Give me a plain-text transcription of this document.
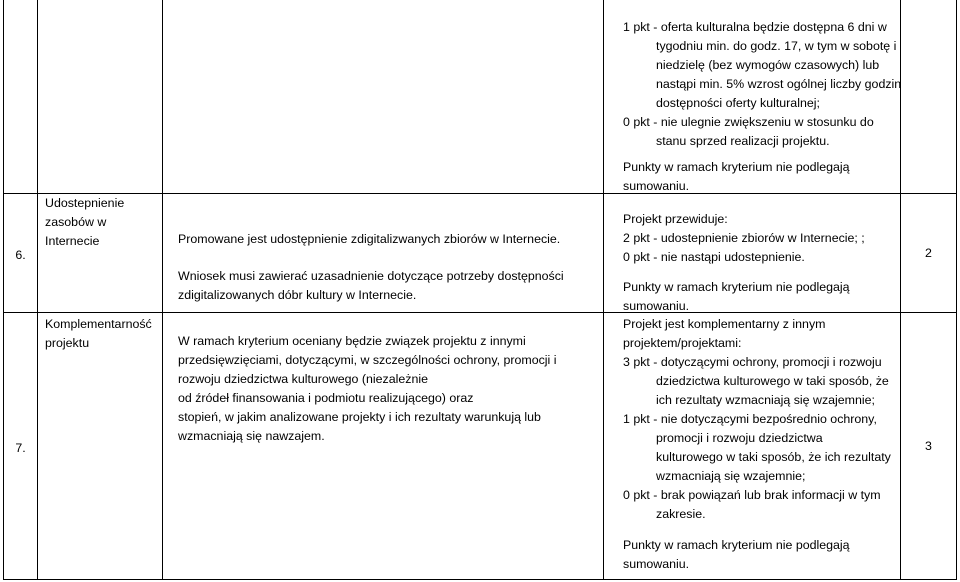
1 pkt - oferta kulturalna będzie dostępna 6 dni w
tygodniu min. do godz. 17, w tym w sobotę i
niedzielę (bez wymogów czasowych) lub
nastąpi min. 5% wzrost ogólnej liczby godzin
dostępności oferty kulturalnej;
0 pkt - nie ulegnie zwiększeniu w stosunku do
stanu sprzed realizacji projektu.
Punkty w ramach kryterium nie podlegają
sumowaniu.
6.
Udostepnienie
zasobów w
Internecie	Promowane jest udostępnienie zdigitalizwanych zbiorów w Internecie.
Wniosek musi zawierać uzasadnienie dotyczące potrzeby dostępności
zdigitalizowanych dóbr kultury w Internecie.
Projekt przewiduje:
2 pkt - udostepnienie zbiorów w Internecie; ;
0 pkt - nie nastąpi udostepnienie.
Punkty w ramach kryterium nie podlegają
sumowaniu.
2
7.
Komplementarność
projektu	W ramach kryterium oceniany będzie związek projektu z innymi
przedsięwzięciami, dotyczącymi, w szczególności ochrony, promocji i
rozwoju dziedzictwa kulturowego (niezależnie
od źródeł finansowania i podmiotu realizującego) oraz
stopień, w jakim analizowane projekty i ich rezultaty warunkują lub
wzmacniają się nawzajem.
Projekt jest komplementarny z innym
projektem/projektami:
3 pkt - dotyczącymi ochrony, promocji i rozwoju
dziedzictwa kulturowego w taki sposób, że
ich rezultaty wzmacniają się wzajemnie;
1 pkt - nie dotyczącymi bezpośrednio ochrony,
promocji i rozwoju dziedzictwa
kulturowego w taki sposób, że ich rezultaty
wzmacniają się wzajemnie;
0 pkt - brak powiązań lub brak informacji w tym
zakresie.
Punkty w ramach kryterium nie podlegają
sumowaniu.
3
